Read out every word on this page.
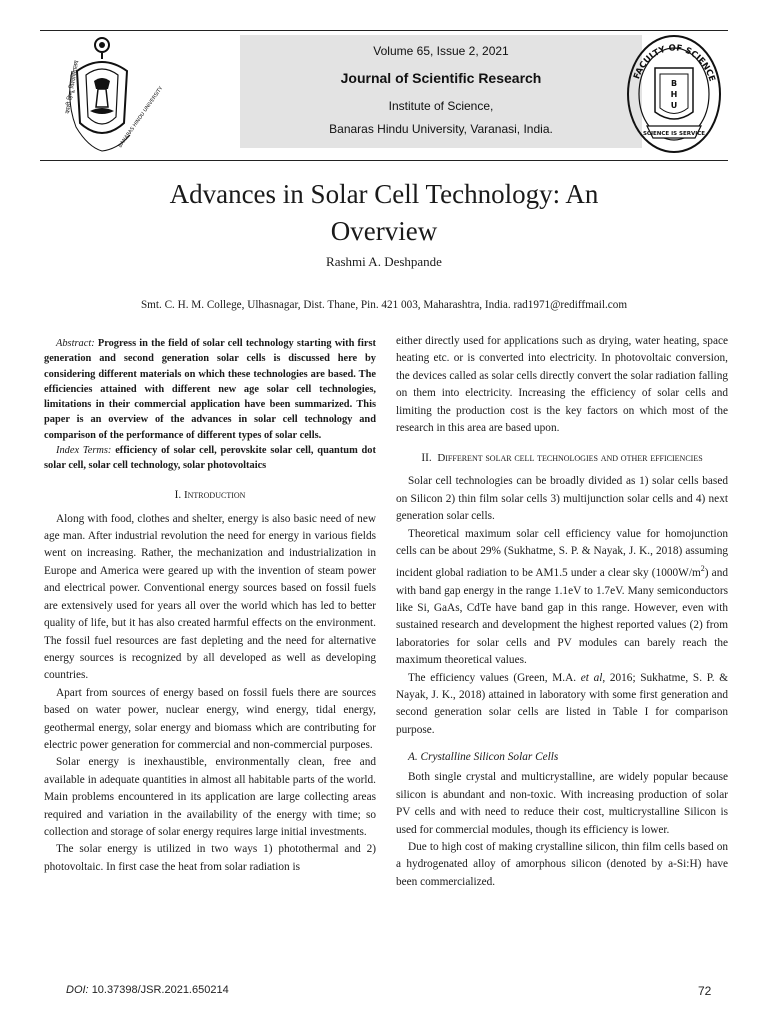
Volume 65, Issue 2, 2021
Journal of Scientific Research
Institute of Science,
Banaras Hindu University, Varanasi, India.
काशी हिन्दू विश्वविद्यालय	BANARAS HINDU UNIVERSITY
FACULTY OF SCIENCE
B
H
U
SCIENCE IS SERVICE
Advances in Solar Cell Technology: An
Overview
Rashmi A. Deshpande
Smt. C. H. M. College, Ulhasnagar, Dist. Thane, Pin. 421 003, Maharashtra, India. rad1971@rediffmail.com

Abstract: Progress in the field of solar cell technology starting with first generation and second generation solar cells is discussed here by considering different materials on which these technologies are based. The efficiencies attained with different new age solar cell technologies, limitations in their commercial application have been summarized. This paper is an overview of the advances in solar cell technology and comparison of the performance of different types of solar cells.

Index Terms: efficiency of solar cell, perovskite solar cell, quantum dot solar cell, solar cell technology, solar photovoltaics

I. Introduction

Along with food, clothes and shelter, energy is also basic need of new age man. After industrial revolution the need for energy in various fields went on increasing. Rather, the mechanization and industrialization in Europe and America were geared up with the invention of steam power and electrical power. Conventional energy sources based on fossil fuels are extensively used for years all over the world which has led to better quality of life, but it has also created harmful effects on the environment. The fossil fuel resources are fast depleting and the need for alternative energy sources is recognized by all developed as well as developing countries.

Apart from sources of energy based on fossil fuels there are sources based on water power, nuclear energy, wind energy, tidal energy, geothermal energy, solar energy and biomass which are contributing for electric power generation for commercial and non-commercial purposes.

Solar energy is inexhaustible, environmentally clean, free and available in adequate quantities in almost all habitable parts of the world. Main problems encountered in its application are large collecting areas required and variation in the availability of the energy with time; so collection and storage of solar energy requires large initial investments.

The solar energy is utilized in two ways 1) photothermal and 2) photovoltaic. In first case the heat from solar radiation is

either directly used for applications such as drying, water heating, space heating etc. or is converted into electricity. In photovoltaic conversion, the devices called as solar cells directly convert the solar radiation falling on them into electricity. Increasing the efficiency of solar cells and limiting the production cost is the key factors on which most of the research in this area are based upon.

II. Different solar cell technologies and other efficiencies

Solar cell technologies can be broadly divided as 1) solar cells based on Silicon 2) thin film solar cells 3) multijunction solar cells and 4) next generation solar cells.

Theoretical maximum solar cell efficiency value for homojunction cells can be about 29% (Sukhatme, S. P. & Nayak, J. K., 2018) assuming incident global radiation to be AM1.5 under a clear sky $(1000W/m^2)$ and with band gap energy in the range 1.1eV to 1.7eV. Many semiconductors like Si, GaAs, CdTe have band gap in this range. However, even with sustained research and development the highest reported values (2) from laboratories for solar cells and PV modules can barely reach the maximum theoretical values.

The efficiency values (Green, M.A. et al, 2016; Sukhatme, S. P. & Nayak, J. K., 2018) attained in laboratory with some first generation and second generation solar cells are listed in Table I for comparison purpose.

A. Crystalline Silicon Solar Cells

Both single crystal and multicrystalline, are widely popular because silicon is abundant and non-toxic. With increasing production of solar PV cells and with need to reduce their cost, multicrystalline Silicon is used for commercial modules, though its efficiency is lower.

Due to high cost of making crystalline silicon, thin film cells based on a hydrogenated alloy of amorphous silicon (denoted by a-Si:H) have been commercialized.

DOI: 10.37398/JSR.2021.650214	72
